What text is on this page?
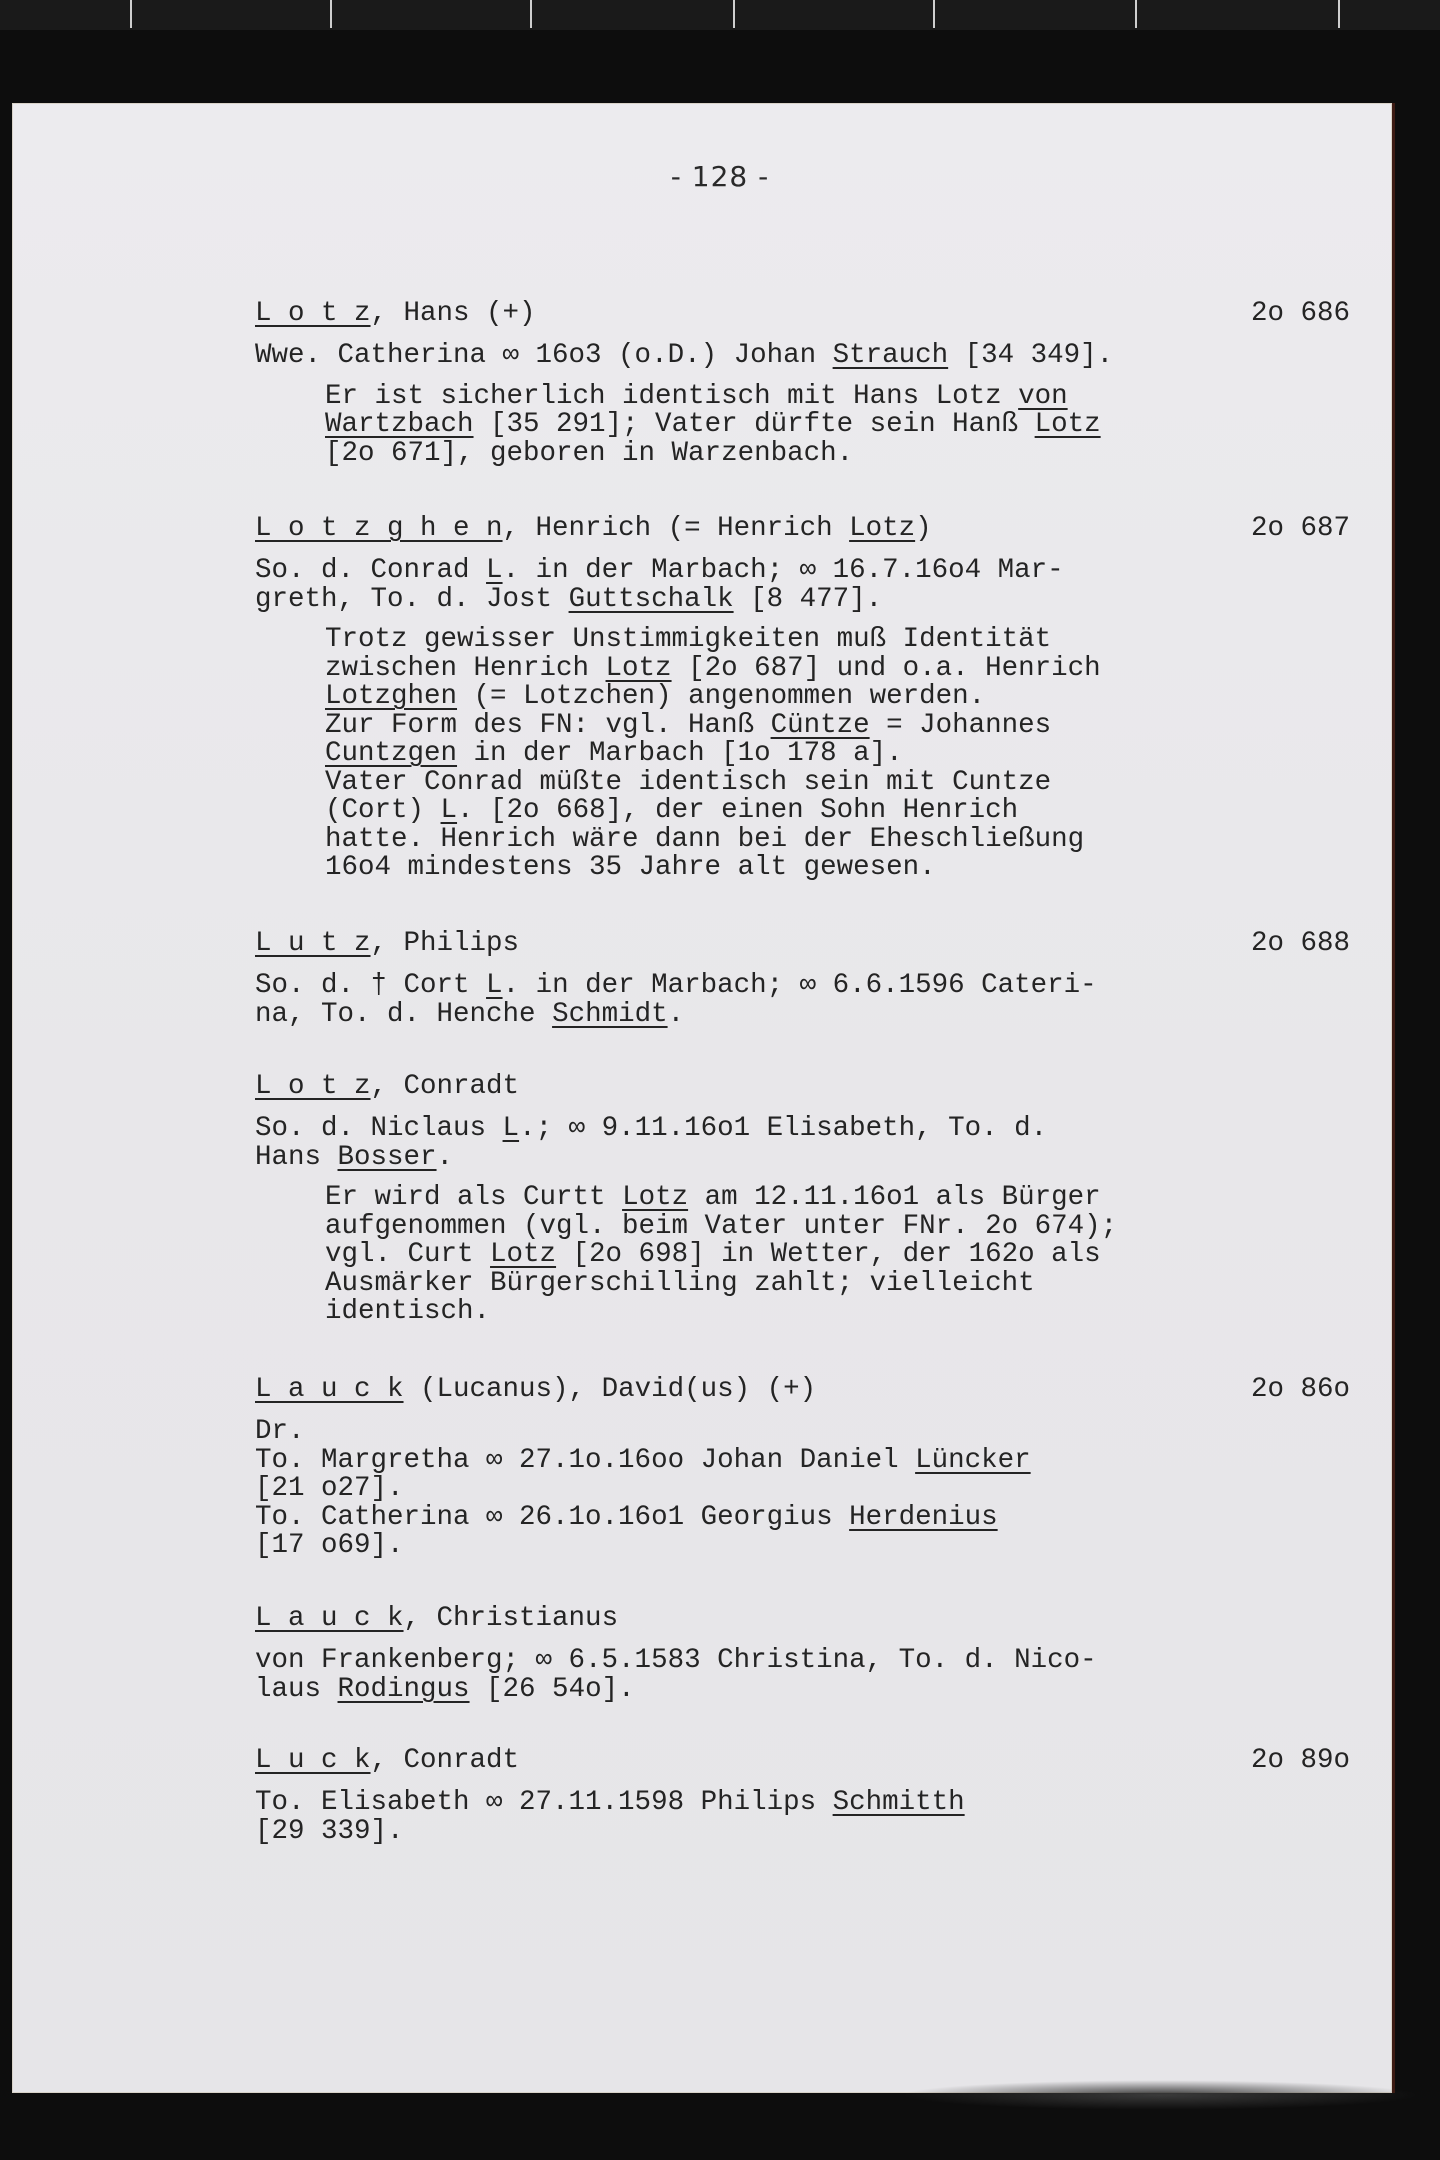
- 128 -
L o t z, Hans (+)	2o 686
Wwe. Catherina ∞ 16o3 (o.D.) Johan Strauch [34 349].
Er ist sicherlich identisch mit Hans Lotz von
Wartzbach [35 291]; Vater dürfte sein Hanß Lotz
[2o 671], geboren in Warzenbach.
L o t z g h e n, Henrich (= Henrich Lotz)	2o 687
So. d. Conrad L. in der Marbach; ∞ 16.7.16o4 Mar-
greth, To. d. Jost Guttschalk [8 477].
Trotz gewisser Unstimmigkeiten muß Identität
zwischen Henrich Lotz [2o 687] und o.a. Henrich
Lotzghen (= Lotzchen) angenommen werden.
Zur Form des FN: vgl. Hanß Cüntze = Johannes
Cuntzgen in der Marbach [1o 178 a].
Vater Conrad müßte identisch sein mit Cuntze
(Cort) L. [2o 668], der einen Sohn Henrich
hatte. Henrich wäre dann bei der Eheschließung
16o4 mindestens 35 Jahre alt gewesen.
L u t z, Philips	2o 688
So. d. † Cort L. in der Marbach; ∞ 6.6.1596 Cateri-
na, To. d. Henche Schmidt.
L o t z, Conradt
So. d. Niclaus L.; ∞ 9.11.16o1 Elisabeth, To. d.
Hans Bosser.
Er wird als Curtt Lotz am 12.11.16o1 als Bürger
aufgenommen (vgl. beim Vater unter FNr. 2o 674);
vgl. Curt Lotz [2o 698] in Wetter, der 162o als
Ausmärker Bürgerschilling zahlt; vielleicht
identisch.
L a u c k (Lucanus), David(us) (+)	2o 86o
Dr.
To. Margretha ∞ 27.1o.16oo Johan Daniel Lüncker
[21 o27].
To. Catherina ∞ 26.1o.16o1 Georgius Herdenius
[17 o69].
L a u c k, Christianus
von Frankenberg; ∞ 6.5.1583 Christina, To. d. Nico-
laus Rodingus [26 54o].
L u c k, Conradt	2o 89o
To. Elisabeth ∞ 27.11.1598 Philips Schmitth
[29 339].
